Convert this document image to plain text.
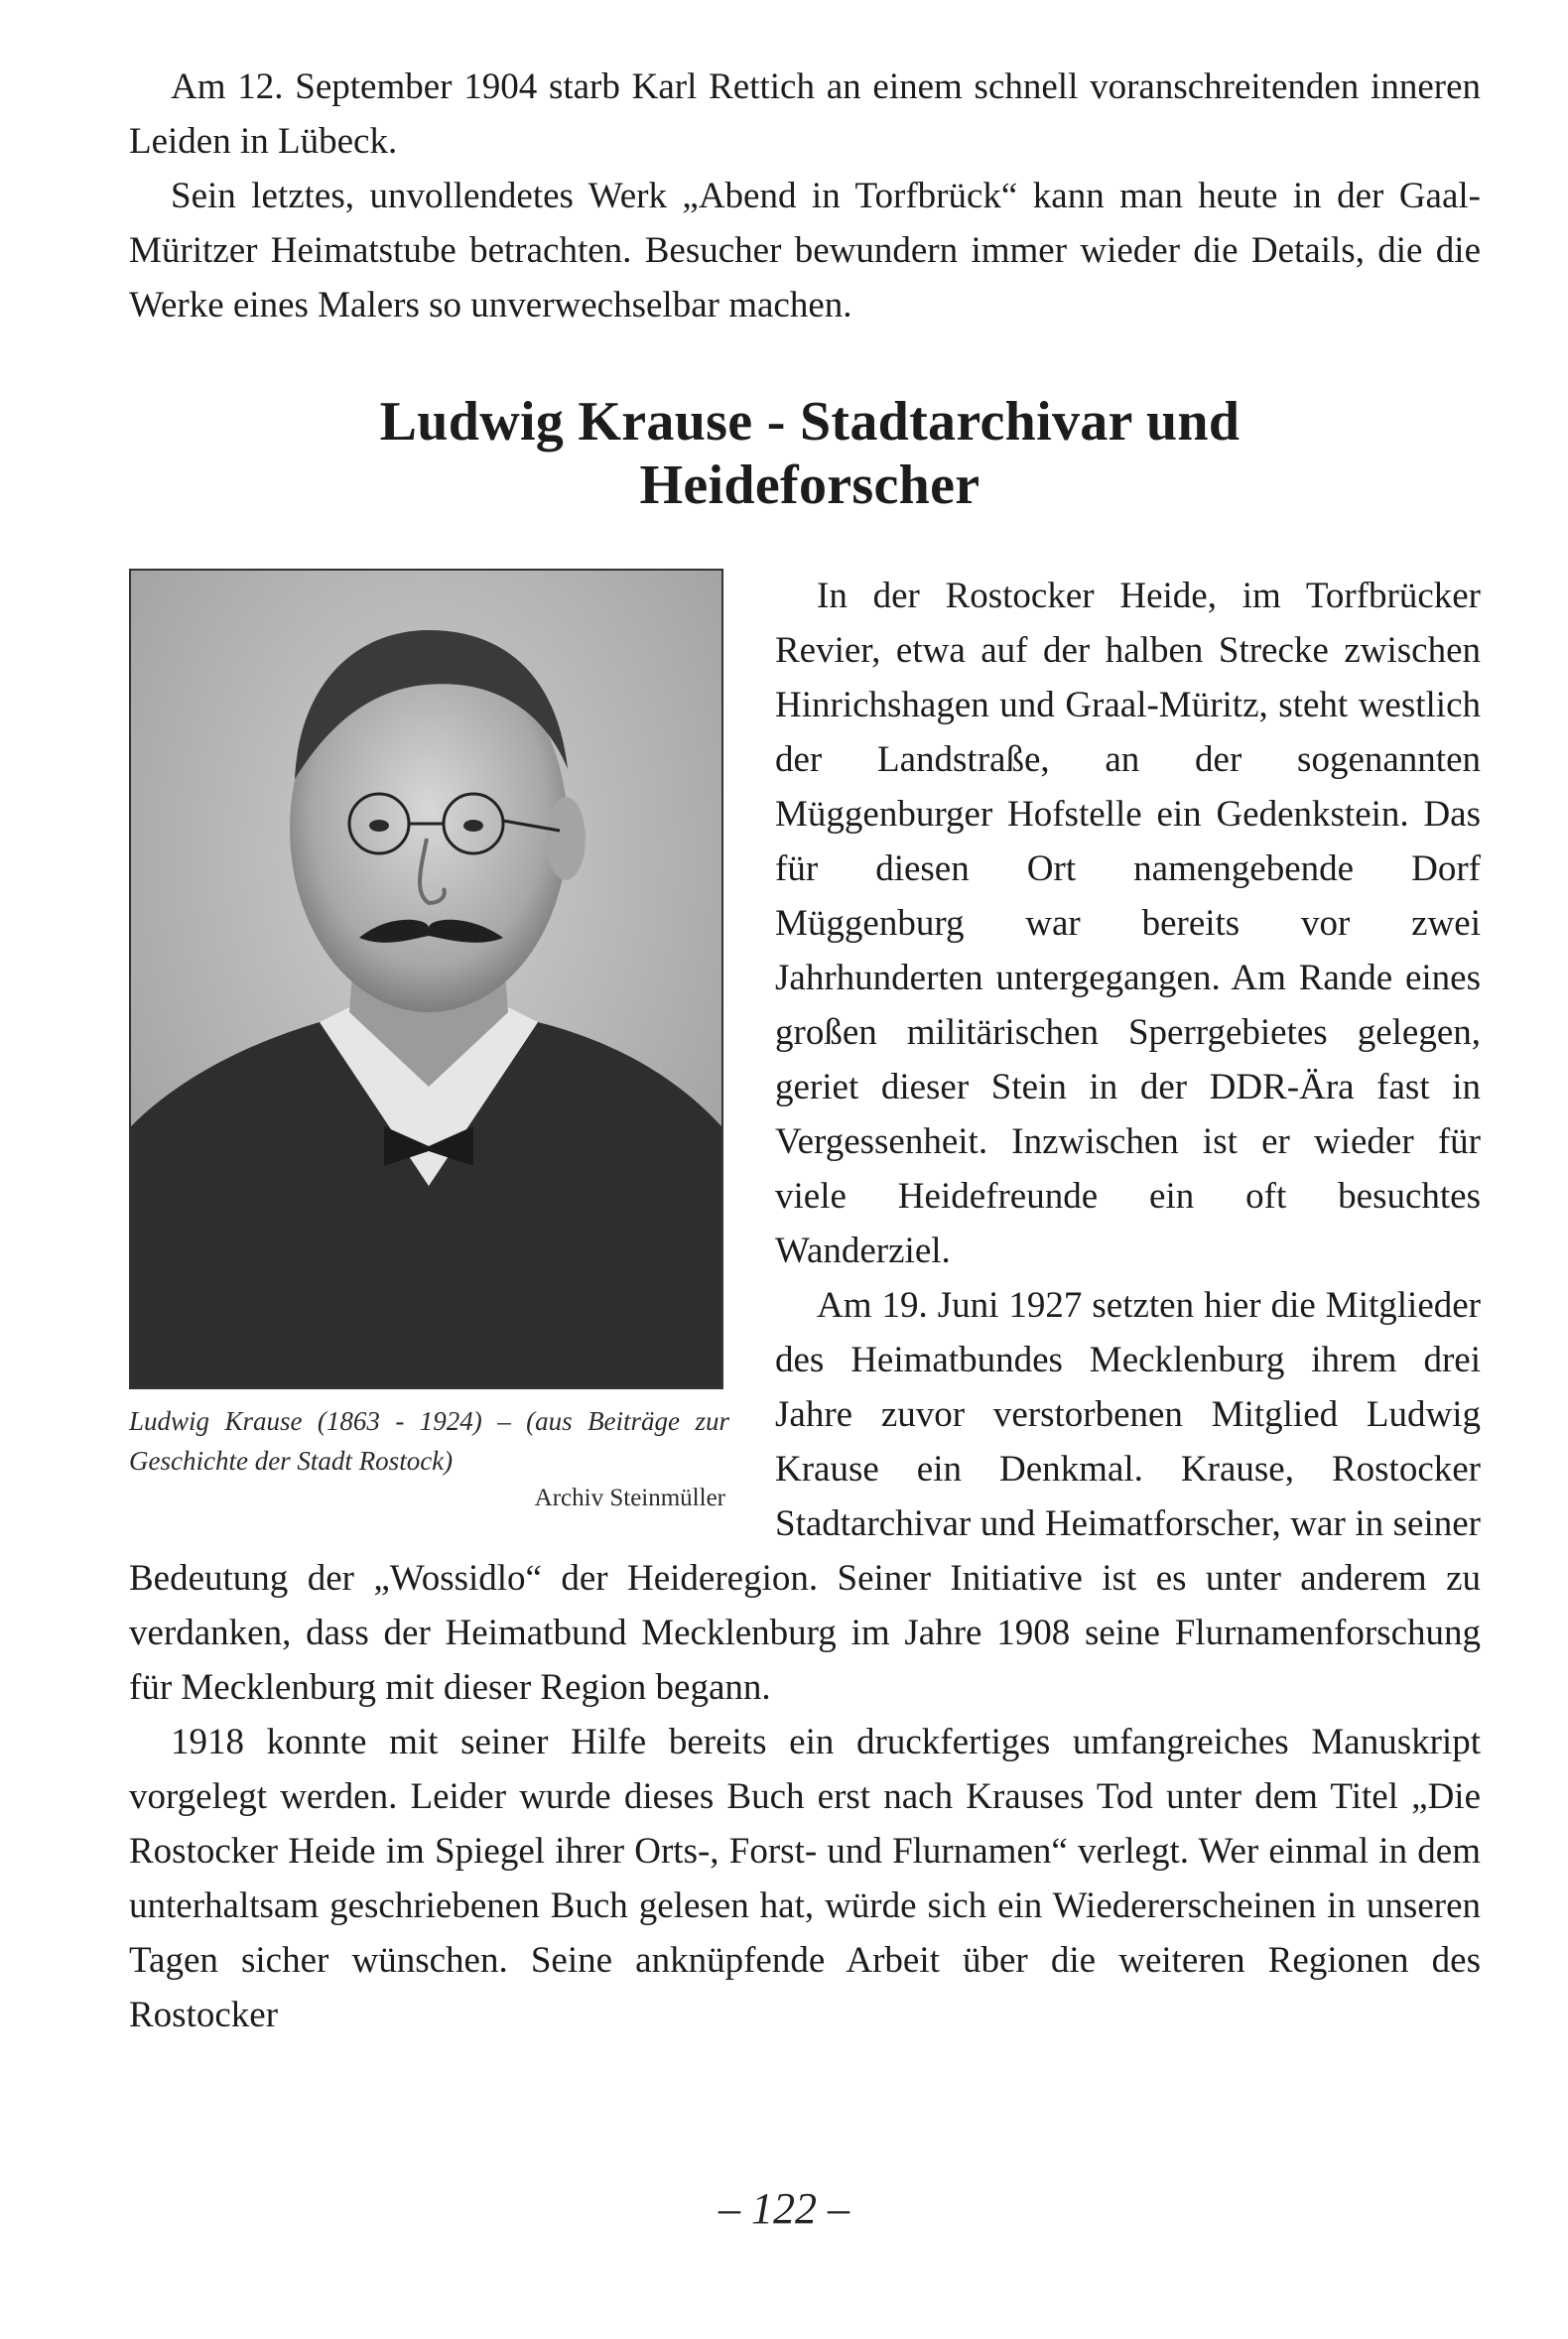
Am 12. September 1904 starb Karl Rettich an einem schnell voranschreitenden inneren Leiden in Lübeck.

Sein letztes, unvollendetes Werk „Abend in Torfbrück“ kann man heute in der Gaal-Müritzer Heimatstube betrachten. Besucher bewundern immer wieder die Details, die die Werke eines Malers so unverwechselbar machen.

Ludwig Krause - Stadtarchivar und
Heideforscher
Ludwig Krause (1863 - 1924) – (aus Beiträge zur Geschichte der Stadt Rostock)
Archiv Steinmüller

In der Rostocker Heide, im Torfbrücker Revier, etwa auf der halben Strecke zwischen Hinrichshagen und Graal-Müritz, steht westlich der Landstraße, an der sogenannten Müggenburger Hofstelle ein Gedenkstein. Das für diesen Ort namengebende Dorf Müggenburg war bereits vor zwei Jahrhunderten untergegangen. Am Rande eines großen militärischen Sperrgebietes gelegen, geriet dieser Stein in der DDR-Ära fast in Vergessenheit. Inzwischen ist er wieder für viele Heidefreunde ein oft besuchtes Wanderziel.

Am 19. Juni 1927 setzten hier die Mitglieder des Heimatbundes Mecklenburg ihrem drei Jahre zuvor verstorbenen Mitglied Ludwig Krause ein Denkmal. Krause, Rostocker Stadtarchivar und Heimatforscher, war in seiner Bedeutung der „Wossidlo“ der Heideregion. Seiner Initiative ist es unter anderem zu verdanken, dass der Heimatbund Mecklenburg im Jahre 1908 seine Flurnamenforschung für Mecklenburg mit dieser Region begann.

1918 konnte mit seiner Hilfe bereits ein druckfertiges umfangreiches Manuskript vorgelegt werden. Leider wurde dieses Buch erst nach Krauses Tod unter dem Titel „Die Rostocker Heide im Spiegel ihrer Orts-, Forst- und Flurnamen“ verlegt. Wer einmal in dem unterhaltsam geschriebenen Buch gelesen hat, würde sich ein Wiedererscheinen in unseren Tagen sicher wünschen. Seine anknüpfende Arbeit über die weiteren Regionen des Rostocker

– 122 –
